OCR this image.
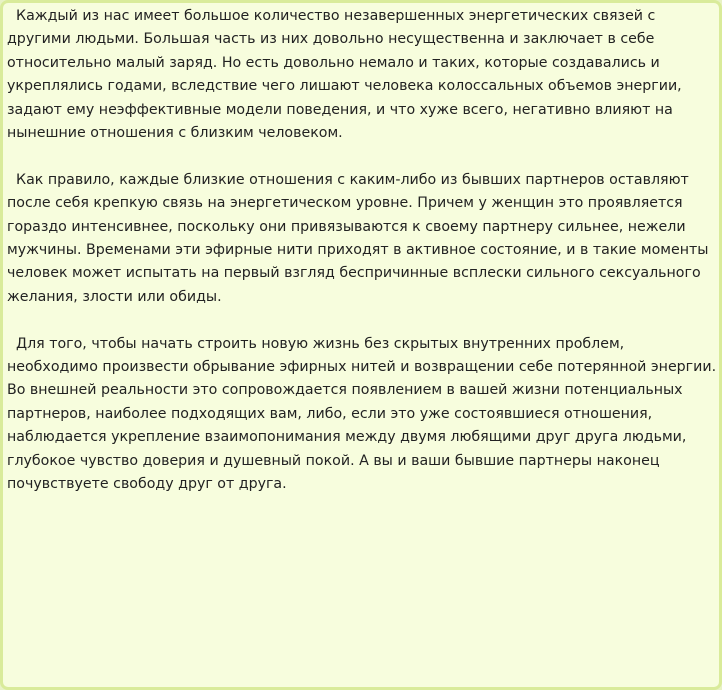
Каждый из нас имеет большое количество незавершенных энергетических связей с другими людьми. Большая часть из них довольно несущественна и заключает в себе относительно малый заряд. Но есть довольно немало и таких, которые создавались и укреплялись годами, вследствие чего лишают человека колоссальных объемов энергии, задают ему неэффективные модели поведения, и что хуже всего, негативно влияют на нынешние отношения с близким человеком.

Как правило, каждые близкие отношения с каким-либо из бывших партнеров оставляют после себя крепкую связь на энергетическом уровне. Причем у женщин это проявляется гораздо интенсивнее, поскольку они привязываются к своему партнеру сильнее, нежели мужчины. Временами эти эфирные нити приходят в активное состояние, и в такие моменты человек может испытать на первый взгляд беспричинные всплески сильного сексуального желания, злости или обиды.

Для того, чтобы начать строить новую жизнь без скрытых внутренних проблем, необходимо произвести обрывание эфирных нитей и возвращении себе потерянной энергии. Во внешней реальности это сопровождается появлением в вашей жизни потенциальных партнеров, наиболее подходящих вам, либо, если это уже состоявшиеся отношения, наблюдается укрепление взаимопонимания между двумя любящими друг друга людьми, глубокое чувство доверия и душевный покой. А вы и ваши бывшие партнеры наконец почувствуете свободу друг от друга.
